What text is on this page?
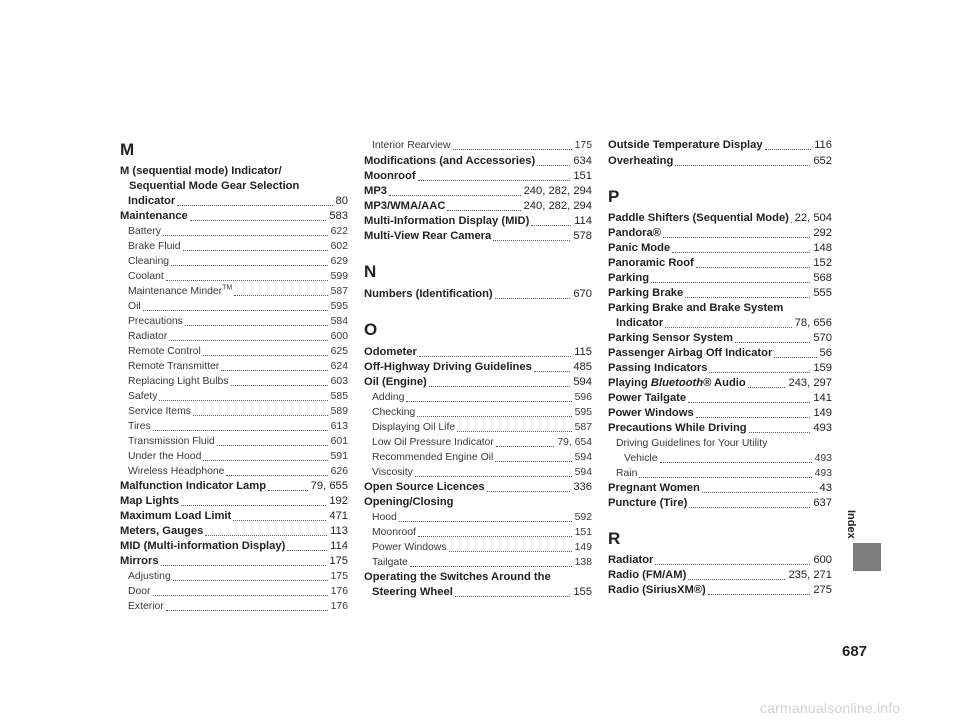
M
M (sequential mode) Indicator/
Sequential Mode Gear Selection
Indicator	80
Maintenance	583
Battery	622
Brake Fluid	602
Cleaning	629
Coolant	599
Maintenance Minder™	587
Oil	595
Precautions	584
Radiator	600
Remote Control	625
Remote Transmitter	624
Replacing Light Bulbs	603
Safety	585
Service Items	589
Tires	613
Transmission Fluid	601
Under the Hood	591
Wireless Headphone	626
Malfunction Indicator Lamp	79, 655
Map Lights	192
Maximum Load Limit	471
Meters, Gauges	113
MID (Multi-information Display)	114
Mirrors	175
Adjusting	175
Door	176
Exterior	176
Interior Rearview	175
Modifications (and Accessories)	634
Moonroof	151
MP3	240, 282, 294
MP3/WMA/AAC	240, 282, 294
Multi-Information Display (MID)	114
Multi-View Rear Camera	578
N
Numbers (Identification)	670
O
Odometer	115
Off-Highway Driving Guidelines	485
Oil (Engine)	594
Adding	596
Checking	595
Displaying Oil Life	587
Low Oil Pressure Indicator	79, 654
Recommended Engine Oil	594
Viscosity	594
Open Source Licences	336
Opening/Closing
Hood	592
Moonroof	151
Power Windows	149
Tailgate	138
Operating the Switches Around the
Steering Wheel	155
Outside Temperature Display	116
Overheating	652
P
Paddle Shifters (Sequential Mode) 22, 504
Pandora®	292
Panic Mode	148
Panoramic Roof	152
Parking	568
Parking Brake	555
Parking Brake and Brake System
Indicator	78, 656
Parking Sensor System	570
Passenger Airbag Off Indicator	56
Passing Indicators	159
Playing Bluetooth® Audio	243, 297
Power Tailgate	141
Power Windows	149
Precautions While Driving	493
Driving Guidelines for Your Utility
Vehicle	493
Rain	493
Pregnant Women	43
Puncture (Tire)	637
R
Radiator	600
Radio (FM/AM)	235, 271
Radio (SiriusXM®)	275
Index
687
carmanualsonline.info
